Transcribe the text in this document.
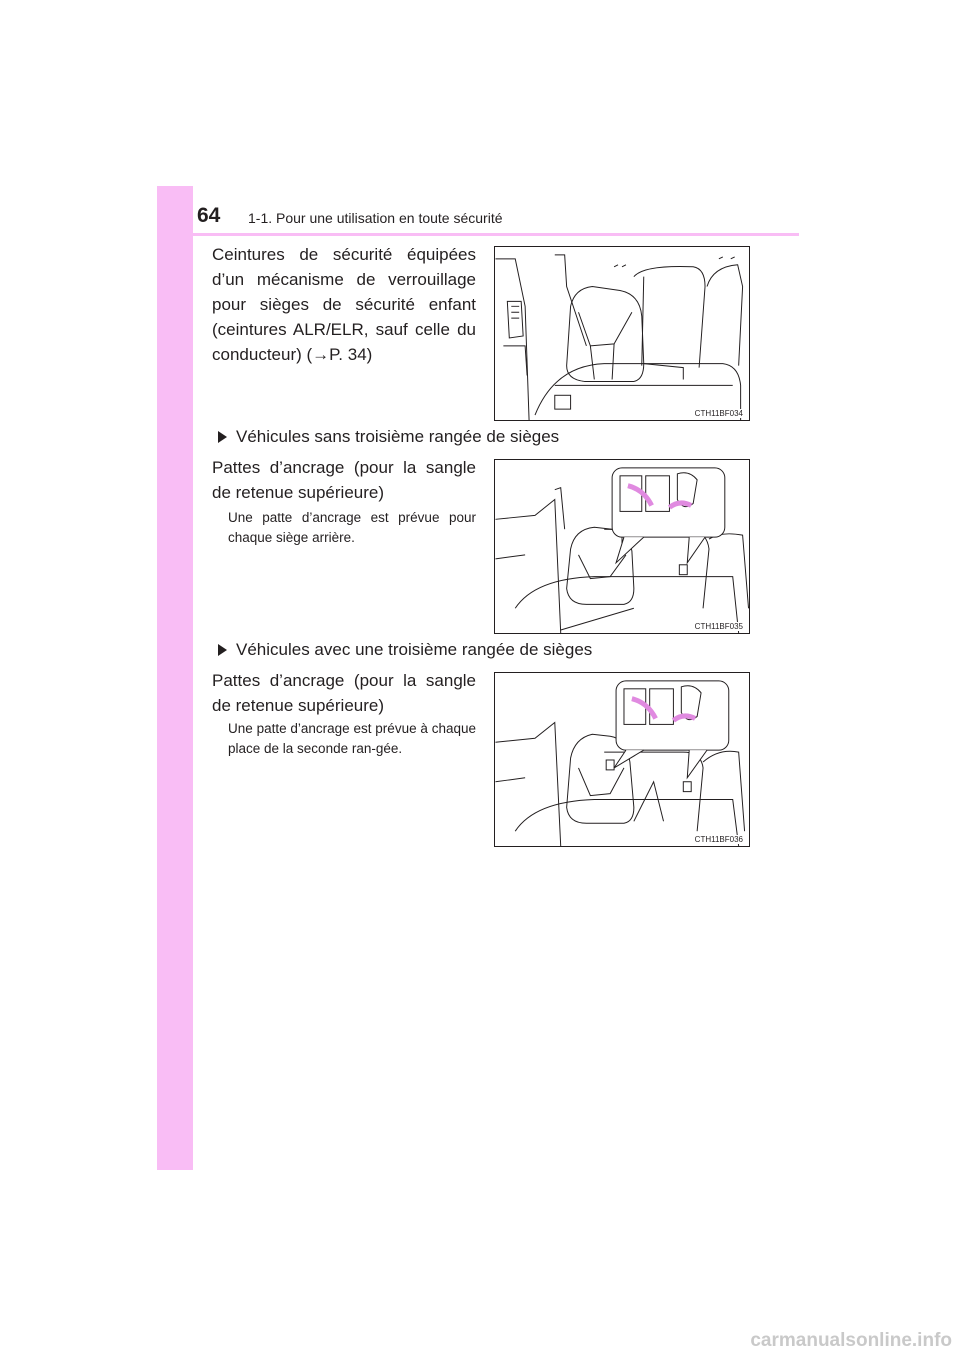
64 1-1. Pour une utilisation en toute sécurité

Ceintures de sécurité équipées d’un mécanisme de verrouillage pour sièges de sécurité enfant (ceintures ALR/ELR, sauf celle du conducteur) (→P. 34)

CTH11BF034
Véhicules sans troisième rangée de sièges

Pattes d’ancrage (pour la sangle de retenue supérieure)

Une patte d’ancrage est prévue pour chaque siège arrière.

CTH11BF035
Véhicules avec une troisième rangée de sièges

Pattes d’ancrage (pour la sangle de retenue supérieure)

Une patte d’ancrage est prévue à chaque place de la seconde ran-gée.

CTH11BF036
carmanualsonline.info
